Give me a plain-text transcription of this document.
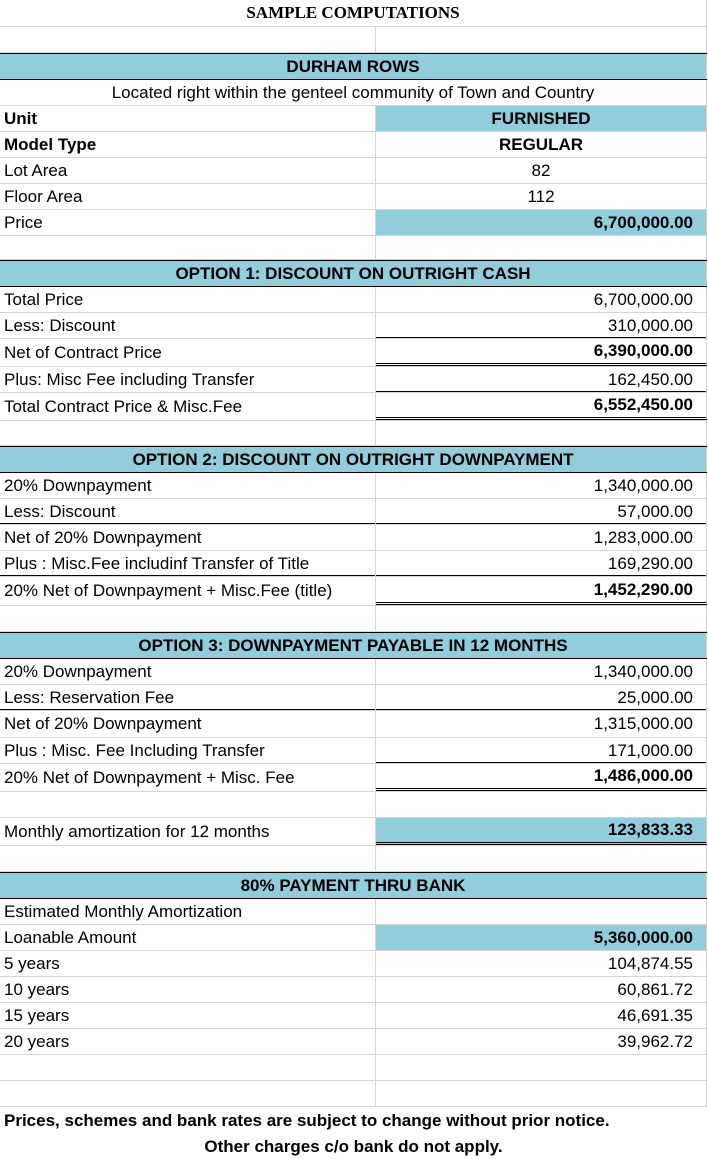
SAMPLE COMPUTATIONS
DURHAM ROWS
Located right within the genteel community of Town and Country
Unit	FURNISHED
Model Type	REGULAR
Lot Area	82
Floor Area	112
Price	6,700,000.00
OPTION 1: DISCOUNT ON OUTRIGHT CASH
Total Price	6,700,000.00
Less: Discount	310,000.00
Net of Contract Price	6,390,000.00
Plus: Misc Fee including Transfer	162,450.00
Total Contract Price & Misc.Fee	6,552,450.00
OPTION 2: DISCOUNT ON OUTRIGHT DOWNPAYMENT
20% Downpayment	1,340,000.00
Less: Discount	57,000.00
Net of 20% Downpayment	1,283,000.00
Plus : Misc.Fee includinf Transfer of Title	169,290.00
20% Net of Downpayment + Misc.Fee (title)	1,452,290.00
OPTION 3: DOWNPAYMENT PAYABLE IN 12 MONTHS
20% Downpayment	1,340,000.00
Less: Reservation Fee	25,000.00
Net of 20% Downpayment	1,315,000.00
Plus : Misc. Fee Including Transfer	171,000.00
20% Net of Downpayment + Misc. Fee	1,486,000.00
Monthly amortization for 12 months	123,833.33
80% PAYMENT THRU BANK
Estimated Monthly Amortization
Loanable Amount	5,360,000.00
5 years	104,874.55
10 years	60,861.72
15 years	46,691.35
20 years	39,962.72
Prices, schemes and bank rates are subject to change without prior notice.
Other charges c/o bank do not apply.
